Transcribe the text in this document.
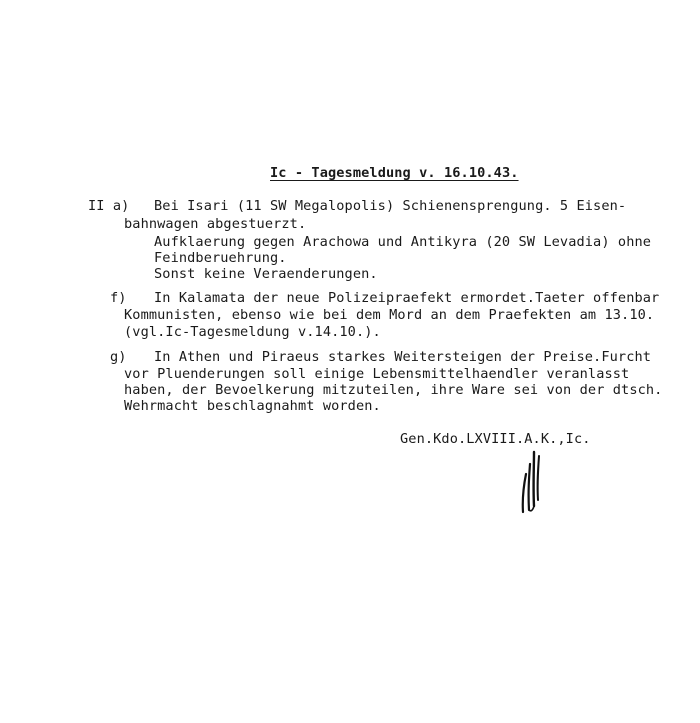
Ic - Tagesmeldung v. 16.10.43.
II a) Bei Isari (11 SW Megalopolis) Schienensprengung. 5 Eisen-
bahnwagen abgestuerzt.
Aufklaerung gegen Arachowa und Antikyra (20 SW Levadia) ohne
Feindberuehrung.
Sonst keine Veraenderungen.
f) In Kalamata der neue Polizeipraefekt ermordet.Taeter offenbar
Kommunisten, ebenso wie bei dem Mord an dem Praefekten am 13.10.
(vgl.Ic-Tagesmeldung v.14.10.).
g) In Athen und Piraeus starkes Weitersteigen der Preise.Furcht
vor Pluenderungen soll einige Lebensmittelhaendler veranlasst
haben, der Bevoelkerung mitzuteilen, ihre Ware sei von der dtsch.
Wehrmacht beschlagnahmt worden.
Gen.Kdo.LXVIII.A.K.,Ic.
